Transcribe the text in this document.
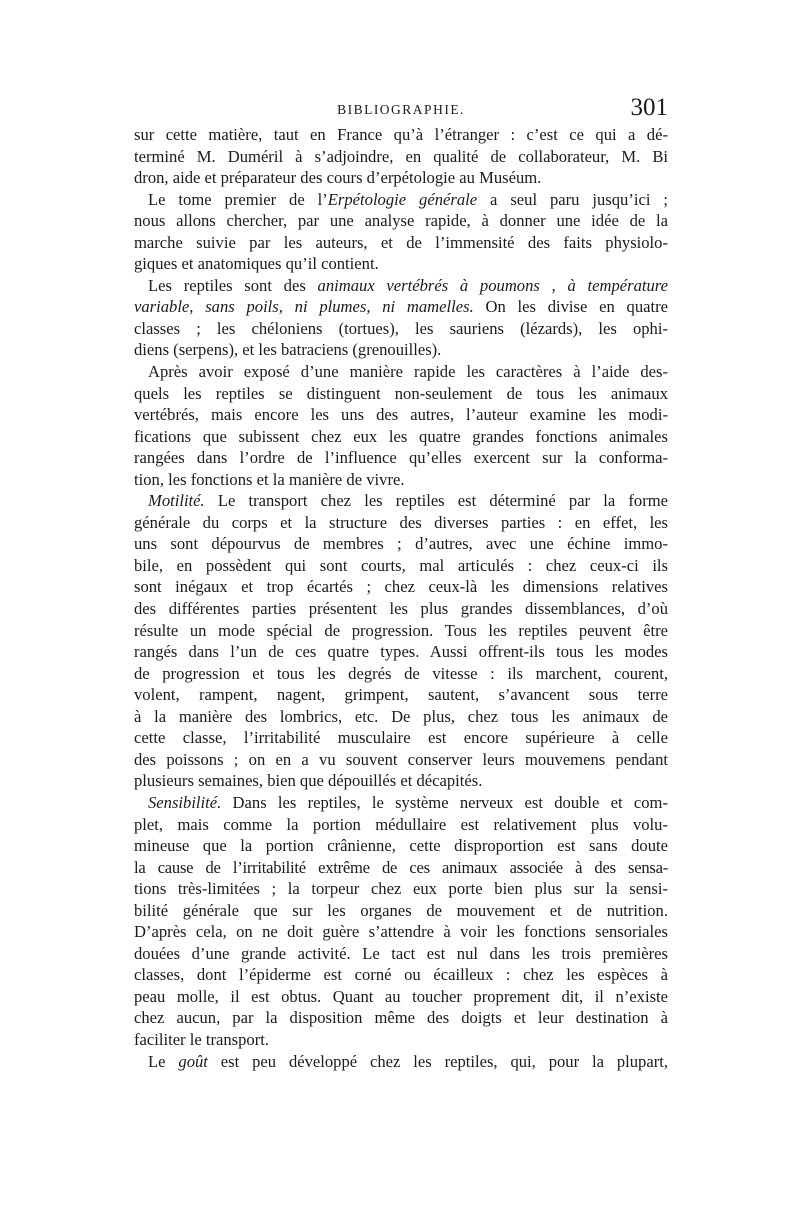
BIBLIOGRAPHIE.	301
sur cette matière, taut en France qu’à l’étranger : c’est ce qui a dé-
terminé M. Duméril à s’adjoindre, en qualité de collaborateur, M. Bi
dron, aide et préparateur des cours d’erpétologie au Muséum.
Le tome premier de l’Erpétologie générale a seul paru jusqu’ici ;
nous allons chercher, par une analyse rapide, à donner une idée de la
marche suivie par les auteurs, et de l’immensité des faits physiolo-
giques et anatomiques qu’il contient.
Les reptiles sont des animaux vertébrés à poumons , à température
variable, sans poils, ni plumes, ni mamelles. On les divise en quatre
classes ; les chéloniens (tortues), les sauriens (lézards), les ophi-
diens (serpens), et les batraciens (grenouilles).
Après avoir exposé d’une manière rapide les caractères à l’aide des-
quels les reptiles se distinguent non-seulement de tous les animaux
vertébrés, mais encore les uns des autres, l’auteur examine les modi-
fications que subissent chez eux les quatre grandes fonctions animales
rangées dans l’ordre de l’influence qu’elles exercent sur la conforma-
tion, les fonctions et la manière de vivre.
Motilité. Le transport chez les reptiles est déterminé par la forme
générale du corps et la structure des diverses parties : en effet, les
uns sont dépourvus de membres ; d’autres, avec une échine immo-
bile, en possèdent qui sont courts, mal articulés : chez ceux-ci ils
sont inégaux et trop écartés ; chez ceux-là les dimensions relatives
des différentes parties présentent les plus grandes dissemblances, d’où
résulte un mode spécial de progression. Tous les reptiles peuvent être
rangés dans l’un de ces quatre types. Aussi offrent-ils tous les modes
de progression et tous les degrés de vitesse : ils marchent, courent,
volent, rampent, nagent, grimpent, sautent, s’avancent sous terre
à la manière des lombrics, etc. De plus, chez tous les animaux de
cette classe, l’irritabilité musculaire est encore supérieure à celle
des poissons ; on en a vu souvent conserver leurs mouvemens pendant
plusieurs semaines, bien que dépouillés et décapités.
Sensibilité. Dans les reptiles, le système nerveux est double et com-
plet, mais comme la portion médullaire est relativement plus volu-
mineuse que la portion crânienne, cette disproportion est sans doute
la cause de l’irritabilité extrême de ces animaux associée à des sensa-
tions très-limitées ; la torpeur chez eux porte bien plus sur la sensi-
bilité générale que sur les organes de mouvement et de nutrition.
D’après cela, on ne doit guère s’attendre à voir les fonctions sensoriales
douées d’une grande activité. Le tact est nul dans les trois premières
classes, dont l’épiderme est corné ou écailleux : chez les espèces à
peau molle, il est obtus. Quant au toucher proprement dit, il n’existe
chez aucun, par la disposition même des doigts et leur destination à
faciliter le transport.
Le goût est peu développé chez les reptiles, qui, pour la plupart,
